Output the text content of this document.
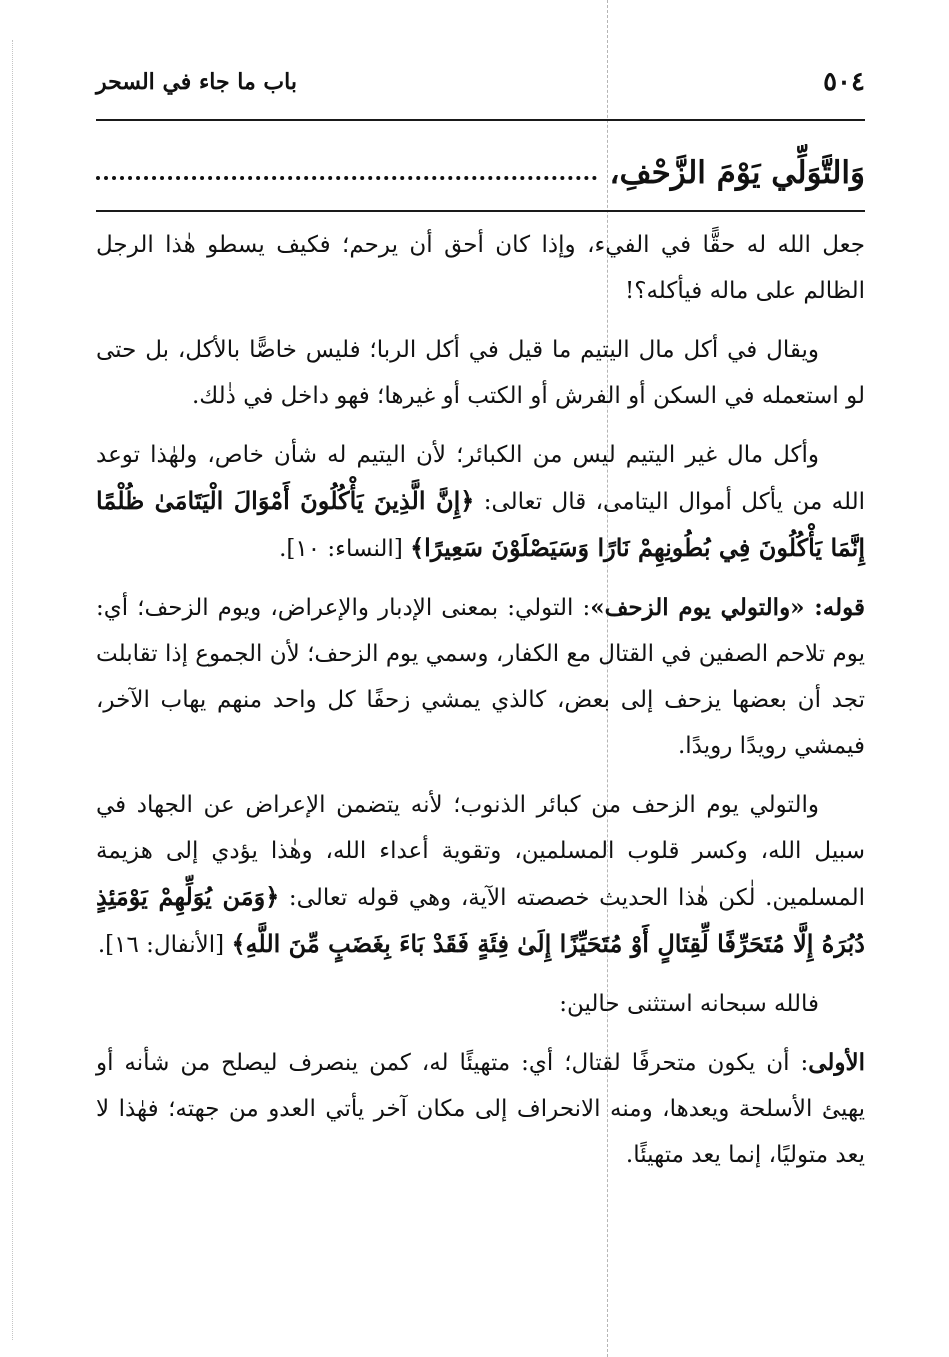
٥٠٤
باب ما جاء في السحر
وَالتَّوَلِّي يَوْمَ الزَّحْفِ،

جعل الله له حقًّا في الفيء، وإذا كان أحق أن يرحم؛ فكيف يسطو هٰذا الرجل الظالم على ماله فيأكله؟!

ويقال في أكل مال اليتيم ما قيل في أكل الربا؛ فليس خاصًّا بالأكل، بل حتى لو استعمله في السكن أو الفرش أو الكتب أو غيرها؛ فهو داخل في ذٰلك.

وأكل مال غير اليتيم ليس من الكبائر؛ لأن اليتيم له شأن خاص، ولهٰذا توعد الله من يأكل أموال اليتامى، قال تعالى: ﴿إِنَّ الَّذِينَ يَأْكُلُونَ أَمْوَالَ الْيَتَامَىٰ ظُلْمًا إِنَّمَا يَأْكُلُونَ فِي بُطُونِهِمْ نَارًا وَسَيَصْلَوْنَ سَعِيرًا﴾ [النساء: ١٠].

قوله: «والتولي يوم الزحف»: التولي: بمعنى الإدبار والإعراض، ويوم الزحف؛ أي: يوم تلاحم الصفين في القتال مع الكفار، وسمي يوم الزحف؛ لأن الجموع إذا تقابلت تجد أن بعضها يزحف إلى بعض، كالذي يمشي زحفًا كل واحد منهم يهاب الآخر، فيمشي رويدًا رويدًا.

والتولي يوم الزحف من كبائر الذنوب؛ لأنه يتضمن الإعراض عن الجهاد في سبيل الله، وكسر قلوب المسلمين، وتقوية أعداء الله، وهٰذا يؤدي إلى هزيمة المسلمين. لٰكن هٰذا الحديث خصصته الآية، وهي قوله تعالى: ﴿وَمَن يُوَلِّهِمْ يَوْمَئِذٍ دُبُرَهُ إِلَّا مُتَحَرِّفًا لِّقِتَالٍ أَوْ مُتَحَيِّزًا إِلَىٰ فِئَةٍ فَقَدْ بَاءَ بِغَضَبٍ مِّنَ اللَّهِ﴾ [الأنفال: ١٦].

فالله سبحانه استثنى حالين:

الأولى: أن يكون متحرفًا لقتال؛ أي: متهيئًا له، كمن ينصرف ليصلح من شأنه أو يهيئ الأسلحة ويعدها، ومنه الانحراف إلى مكان آخر يأتي العدو من جهته؛ فهٰذا لا يعد متوليًا، إنما يعد متهيئًا.
